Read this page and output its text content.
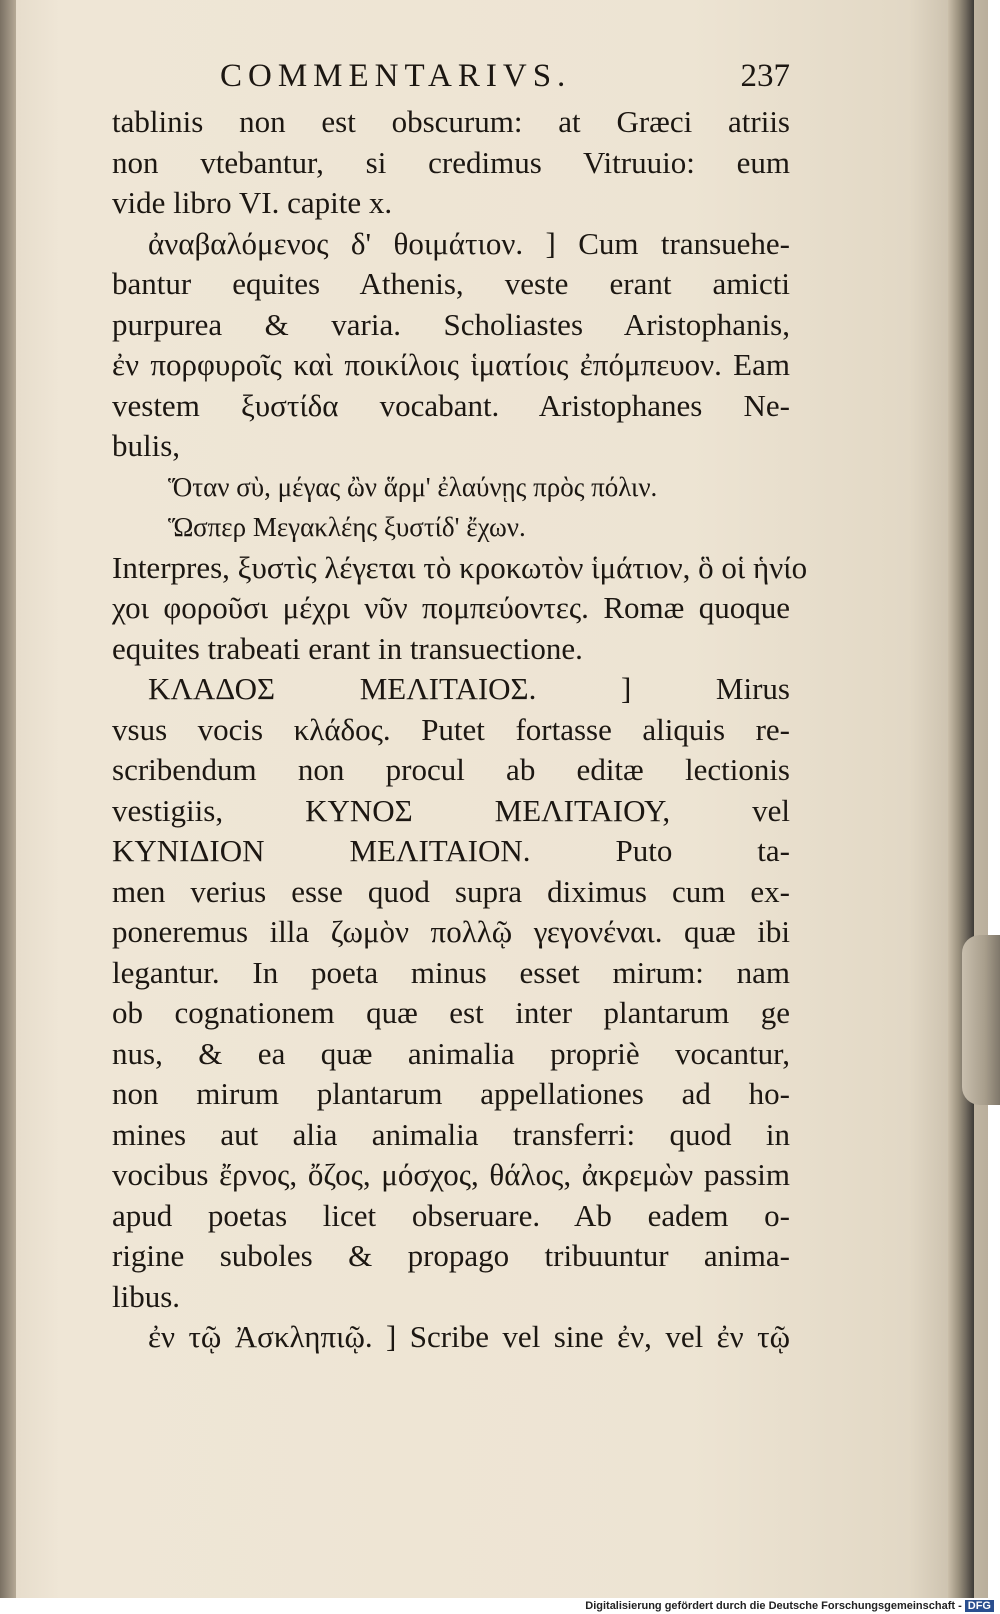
COMMENTARIVS.	237
tablinis non est obscurum: at Græci atriis
non vtebantur, si credimus Vitruuio: eum
vide libro VI. capite x.
ἀναβαλόμενος δ' θοιμάτιον. ] Cum transuehe-
bantur equites Athenis, veste erant amicti
purpurea & varia. Scholiastes Aristophanis,
ἐν πορφυροῖς καὶ ποικίλοις ἱματίοις ἐπόμπευον. Eam
vestem ξυστίδα vocabant. Aristophanes Ne-
bulis,
Ὅταν σὺ, μέγας ὢν ἅρμ' ἐλαύνῃς πρὸς πόλιν.
Ὥσπερ Μεγακλέης ξυστίδ' ἔχων.
Interpres, ξυστὶς λέγεται τὸ κροκωτὸν ἱμάτιον, ὃ οἱ ἡνίο
χοι φοροῦσι μέχρι νῦν πομπεύοντες. Romæ quoque
equites trabeati erant in transuectione.
ΚΛΑΔΟΣ ΜΕΛΙΤΑΙΟΣ. ] Mirus
vsus vocis κλάδος. Putet fortasse aliquis re-
scribendum non procul ab editæ lectionis
vestigiis, ΚΥΝΟΣ ΜΕΛΙΤΑΙΟΥ, vel
ΚΥΝΙΔΙΟΝ ΜΕΛΙΤΑΙΟΝ. Puto ta-
men verius esse quod supra diximus cum ex-
poneremus illa ζωμὸν πολλῷ γεγονέναι. quæ ibi
legantur. In poeta minus esset mirum: nam
ob cognationem quæ est inter plantarum ge
nus, & ea quæ animalia propriè vocantur,
non mirum plantarum appellationes ad ho-
mines aut alia animalia transferri: quod in
vocibus ἔρνος, ὄζος, μόσχος, θάλος, ἀκρεμὼν passim
apud poetas licet obseruare. Ab eadem o-
rigine suboles & propago tribuuntur anima-
libus.
ἐν τῷ Ἀσκληπιῷ. ] Scribe vel sine ἐν, vel ἐν τῷ
Digitalisierung gefördert durch die Deutsche Forschungsgemeinschaft - DFG
